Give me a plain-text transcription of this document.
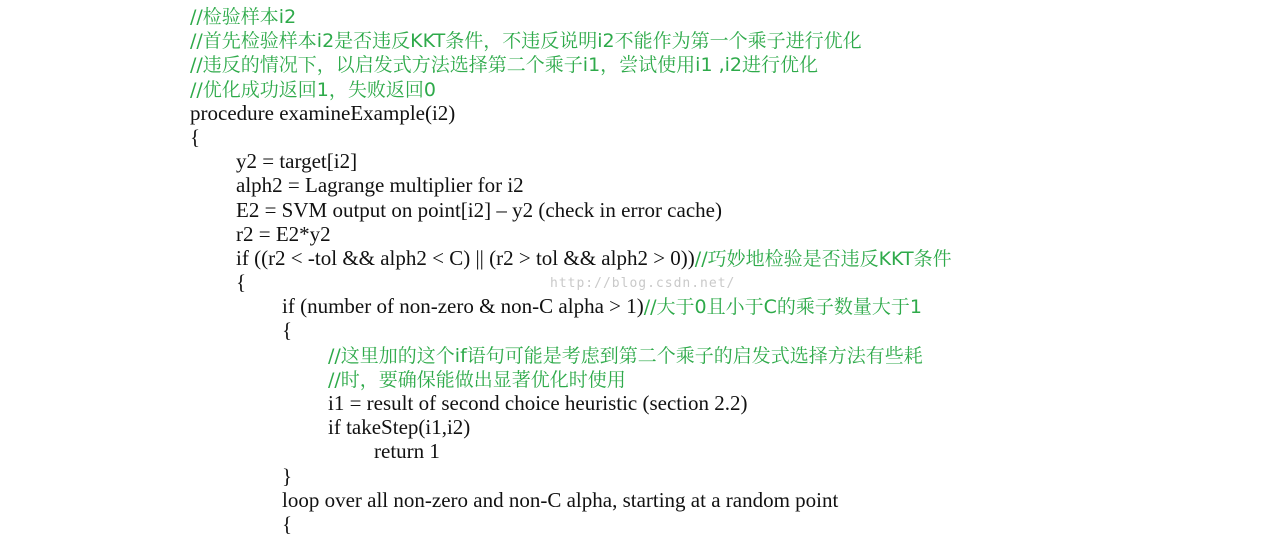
//检验样本i2
//首先检验样本i2是否违反KKT条件，不违反说明i2不能作为第一个乘子进行优化
//违反的情况下，以启发式方法选择第二个乘子i1，尝试使用i1 ,i2进行优化
//优化成功返回1，失败返回0
procedure examineExample(i2)
{
y2 = target[i2]
alph2 = Lagrange multiplier for i2
E2 = SVM output on point[i2] – y2 (check in error cache)
r2 = E2*y2
if ((r2 < -tol && alph2 < C) || (r2 > tol && alph2 > 0))//巧妙地检验是否违反KKT条件
{
if (number of non-zero & non-C alpha > 1)//大于0且小于C的乘子数量大于1
{
//这里加的这个if语句可能是考虑到第二个乘子的启发式选择方法有些耗
//时，要确保能做出显著优化时使用
i1 = result of second choice heuristic (section 2.2)
if takeStep(i1,i2)
return 1
}
loop over all non-zero and non-C alpha, starting at a random point
{
http://blog.csdn.net/
